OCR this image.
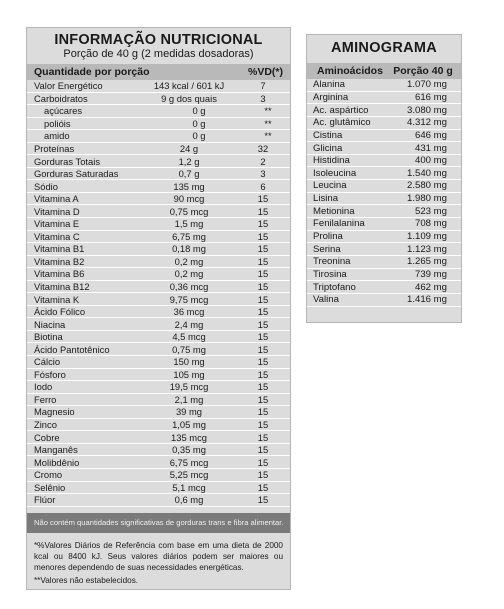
INFORMAÇÃO NUTRICIONAL
Porção de 40 g (2 medidas dosadoras)
Quantidade por porção	%VD(*)
Valor Energético	143 kcal / 601 kJ	7
Carboidratos	9 g dos quais	3
açúcares	0 g	**
polióis	0 g	**
amido	0 g	**
Proteínas	24 g	32
Gorduras Totais	1,2 g	2
Gorduras Saturadas	0,7 g	3
Sódio	135 mg	6
Vitamina A	90 mcg	15
Vitamina D	0,75 mcg	15
Vitamina E	1,5 mg	15
Vitamina C	6,75 mg	15
Vitamina B1	0,18 mg	15
Vitamina B2	0,2 mg	15
Vitamina B6	0,2 mg	15
Vitamina B12	0,36 mcg	15
Vitamina K	9,75 mcg	15
Ácido Fólico	36 mcg	15
Niacina	2,4 mg	15
Biotina	4,5 mcg	15
Ácido Pantotênico	0,75 mg	15
Cálcio	150 mg	15
Fósforo	105 mg	15
Iodo	19,5 mcg	15
Ferro	2,1 mg	15
Magnesio	39 mg	15
Zinco	1,05 mg	15
Cobre	135 mcg	15
Manganês	0,35 mg	15
Molibdênio	6,75 mcg	15
Cromo	5,25 mcg	15
Selênio	5,1 mcg	15
Flúor	0,6 mg	15
Não contém quantidades significativas de gorduras trans e fibra alimentar.
*%Valores Diários de Referência com base em uma dieta de 2000 kcal ou 8400 kJ. Seus valores diários podem ser maiores ou menores dependendo de suas necessidades energéticas.
**Valores não estabelecidos.
AMINOGRAMA
Aminoácidos Porção 40 g
Alanina	1.070 mg
Arginina	616 mg
Ac. aspártico	3.080 mg
Ac. glutâmico	4.312 mg
Cistina	646 mg
Glicina	431 mg
Histidina	400 mg
Isoleucina	1.540 mg
Leucina	2.580 mg
Lisina	1.980 mg
Metionina	523 mg
Fenilalanina	708 mg
Prolina	1.109 mg
Serina	1.123 mg
Treonina	1.265 mg
Tirosina	739 mg
Triptofano	462 mg
Valina	1.416 mg
